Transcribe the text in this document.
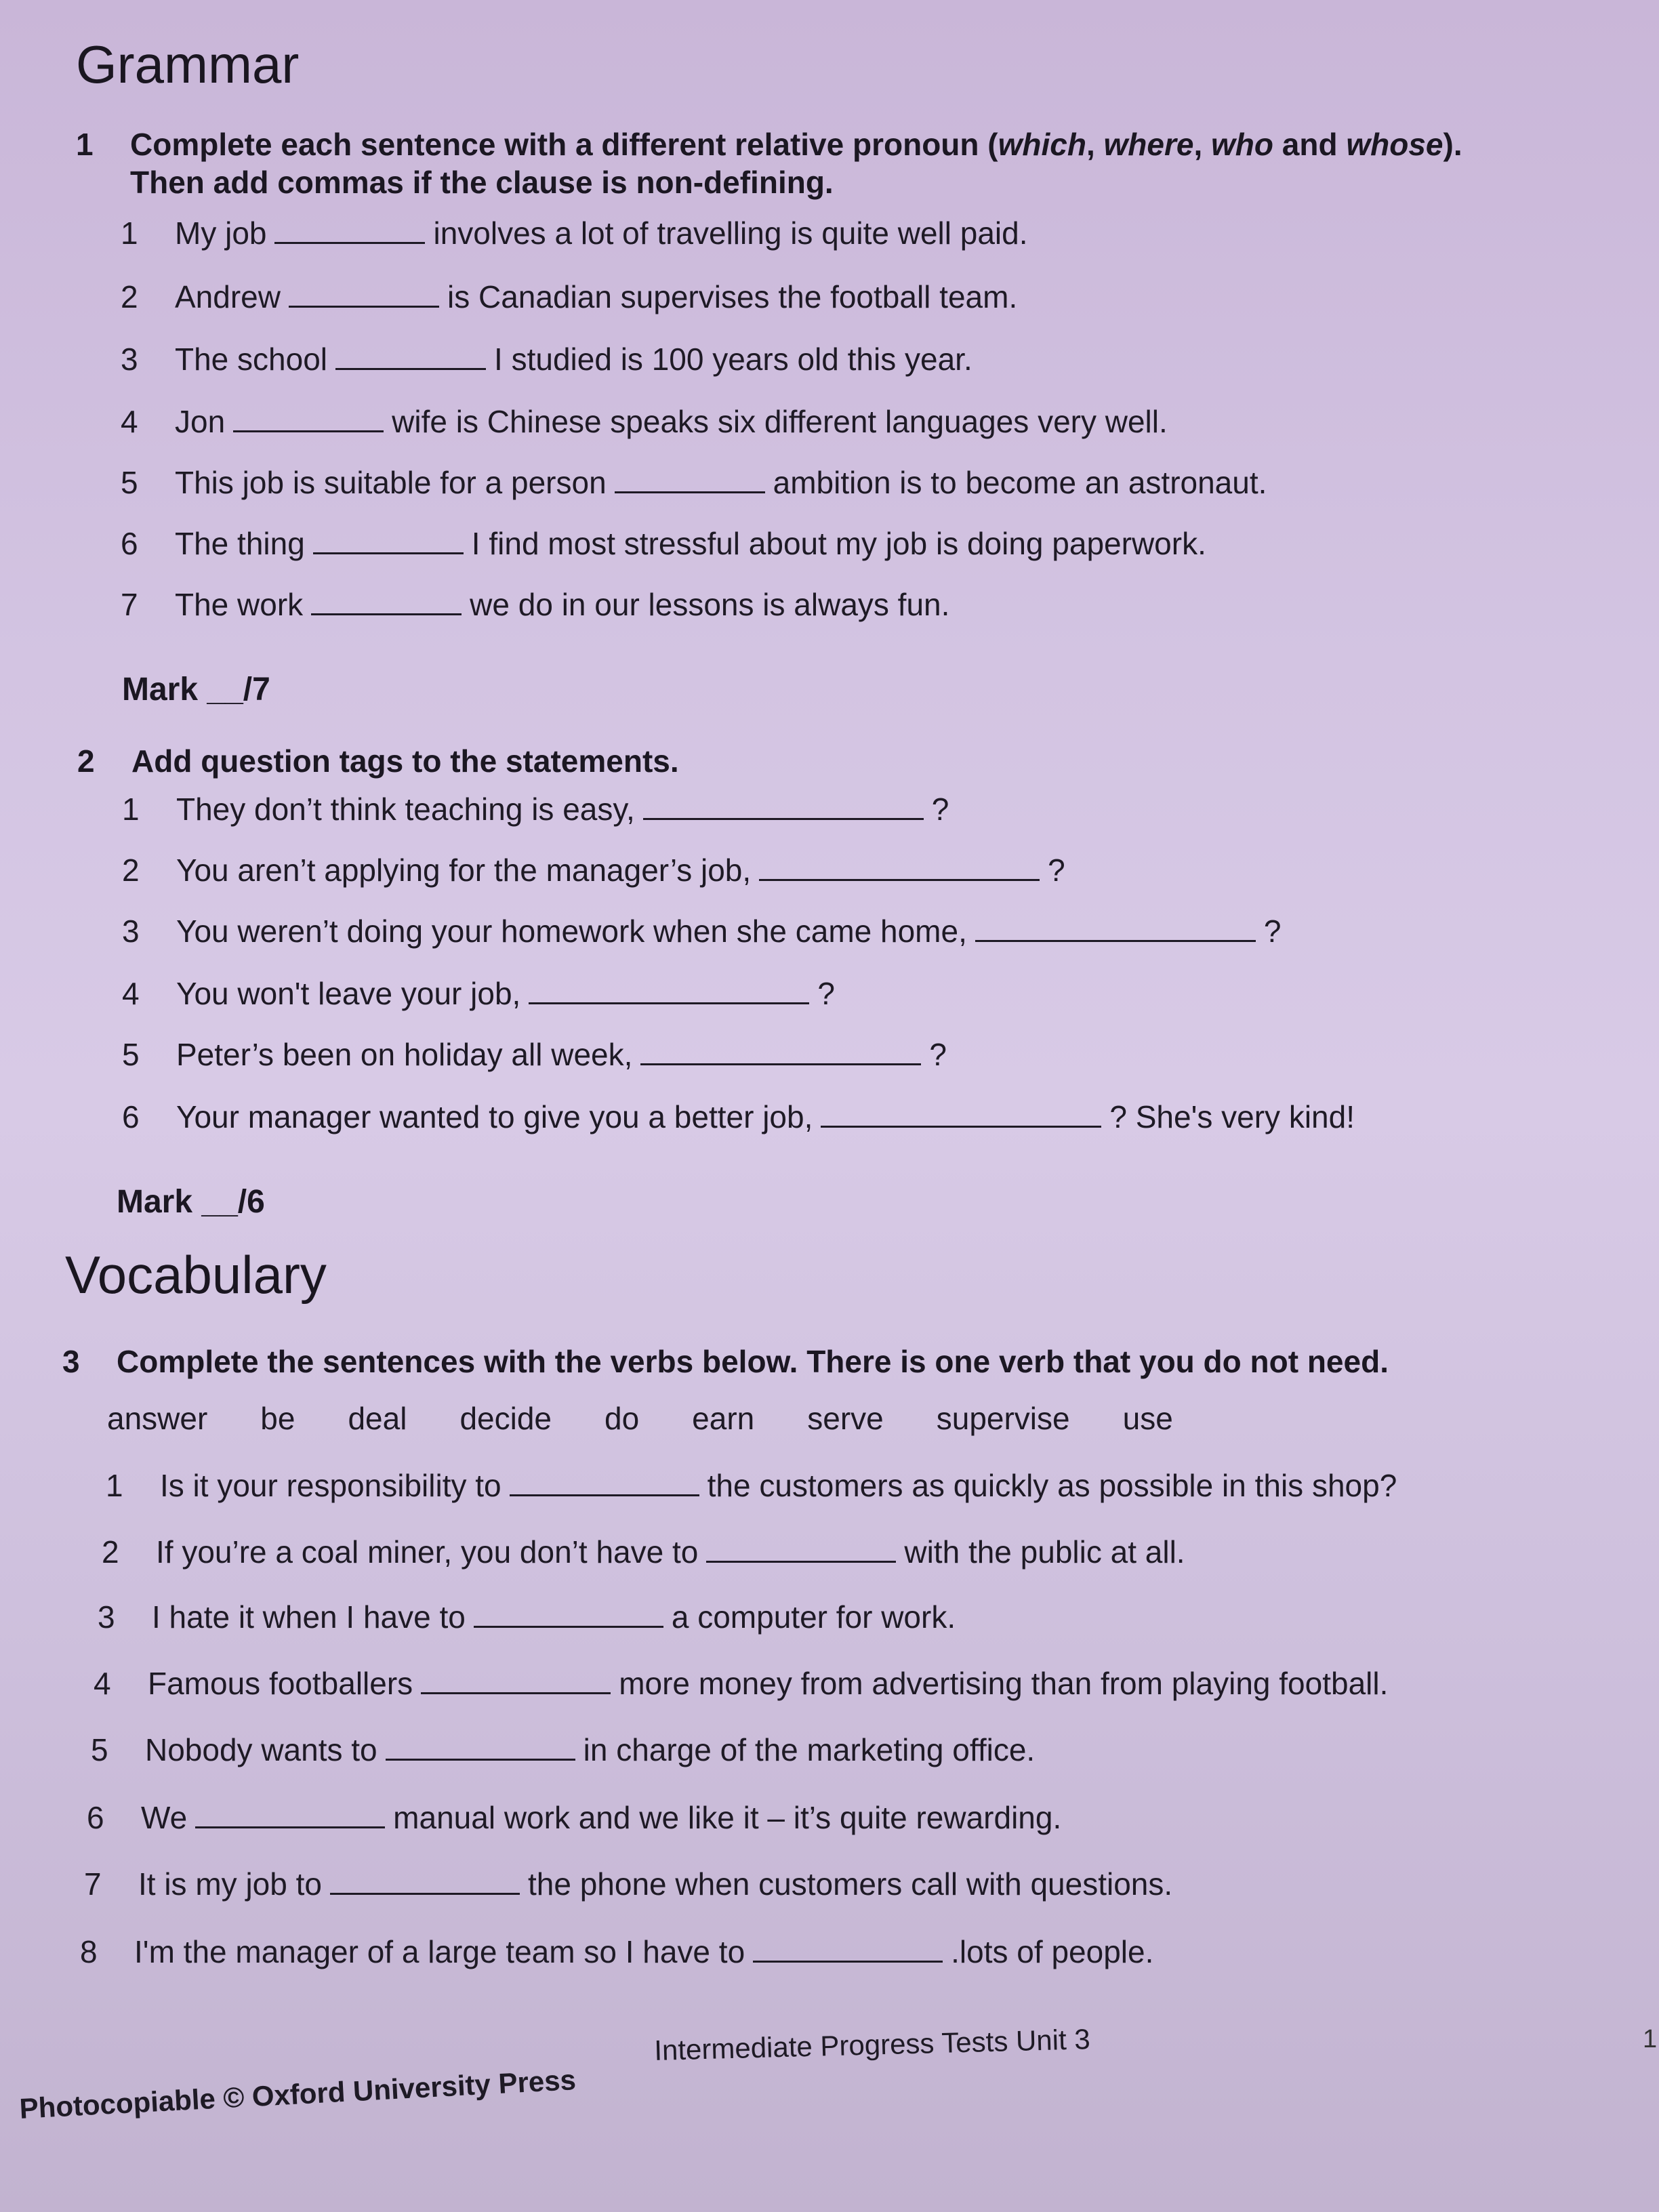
Grammar
1 Complete each sentence with a different relative pronoun (which, where, who and whose).
Then add commas if the clause is non-defining.
1 My job	involves a lot of travelling is quite well paid.
2 Andrew	is Canadian supervises the football team.
3 The school	I studied is 100 years old this year.
4 Jon	wife is Chinese speaks six different languages very well.
5 This job is suitable for a person	ambition is to become an astronaut.
6 The thing	I find most stressful about my job is doing paperwork.
7 The work	we do in our lessons is always fun.
Mark __/7
2 Add question tags to the statements.
1 They don’t think teaching is easy,	?
2 You aren’t applying for the manager’s job,	?
3 You weren’t doing your homework when she came home,	?
4 You won't leave your job,	?
5 Peter’s been on holiday all week,	?
6 Your manager wanted to give you a better job,	? She's very kind!
Mark __/6
Vocabulary
3 Complete the sentences with the verbs below. There is one verb that you do not need.
answer be deal decide do earn serve supervise use
1 Is it your responsibility to	the customers as quickly as possible in this shop?
2 If you’re a coal miner, you don’t have to	with the public at all.
3 I hate it when I have to	a computer for work.
4 Famous footballers	more money from advertising than from playing football.
5 Nobody wants to	in charge of the marketing office.
6 We	manual work and we like it – it’s quite rewarding.
7 It is my job to	the phone when customers call with questions.
8 I'm the manager of a large team so I have to	.lots of people.
Photocopiable © Oxford University Press
Intermediate Progress Tests Unit 3	1
